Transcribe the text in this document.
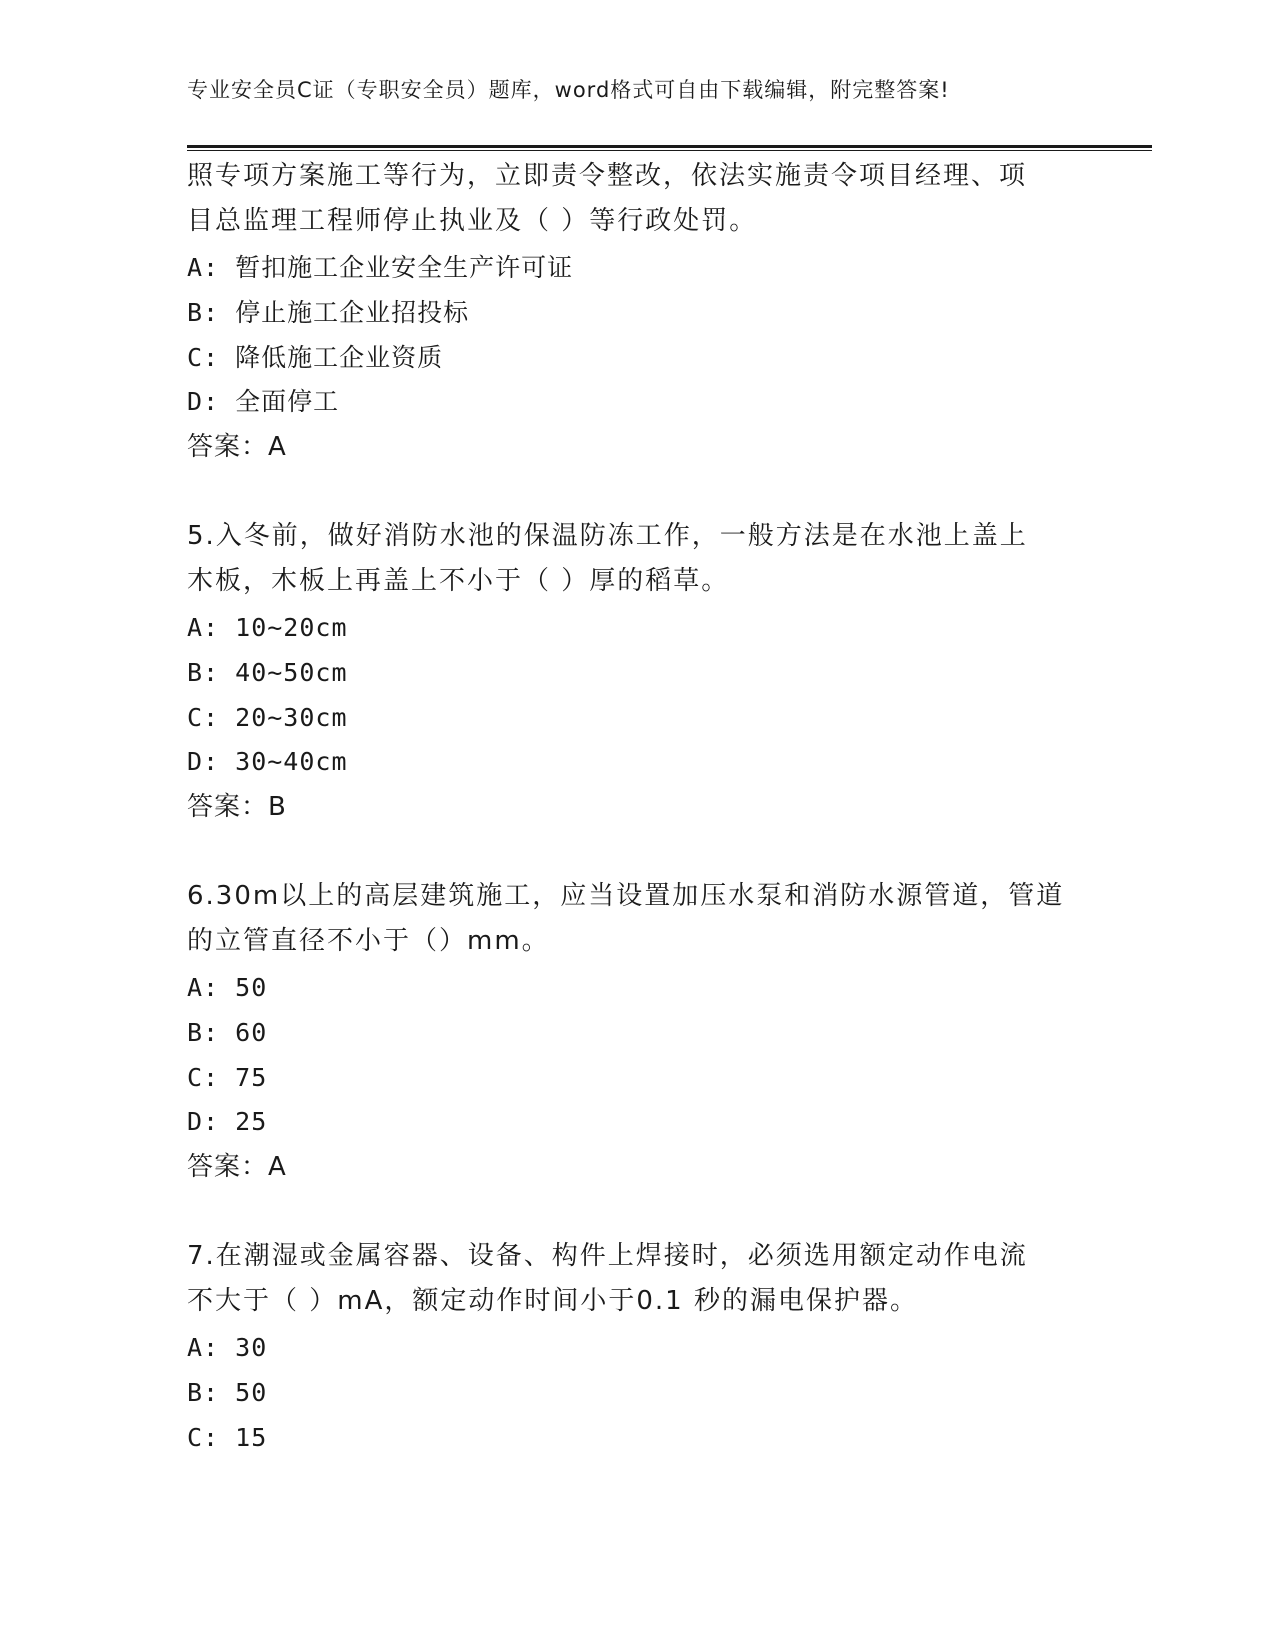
专业安全员C证（专职安全员）题库，word格式可自由下载编辑，附完整答案!
照专项方案施工等行为，立即责令整改，依法实施责令项目经理、项
目总监理工程师停止执业及（ ）等行政处罚。
A: 暂扣施工企业安全生产许可证
B: 停止施工企业招投标
C: 降低施工企业资质
D: 全面停工
答案：A
5.入冬前，做好消防水池的保温防冻工作，一般方法是在水池上盖上
木板，木板上再盖上不小于（ ）厚的稻草。
A: 10~20cm
B: 40~50cm
C: 20~30cm
D: 30~40cm
答案：B
6.30m以上的高层建筑施工，应当设置加压水泵和消防水源管道，管道
的立管直径不小于（）mm。
A: 50
B: 60
C: 75
D: 25
答案：A
7.在潮湿或金属容器、设备、构件上焊接时，必须选用额定动作电流
不大于（ ）mA，额定动作时间小于0.1 秒的漏电保护器。
A: 30
B: 50
C: 15
